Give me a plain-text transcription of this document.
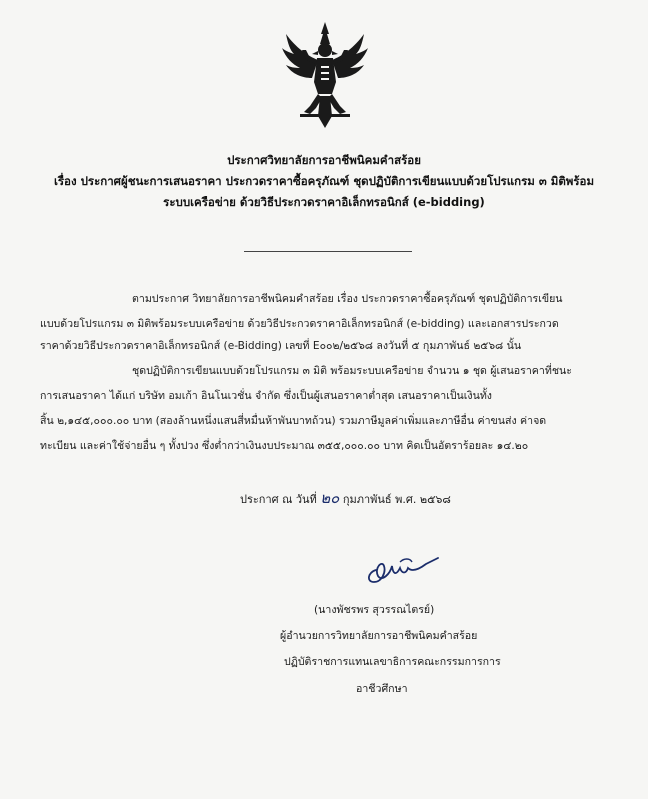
ประกาศวิทยาลัยการอาชีพนิคมคำสร้อย
เรื่อง ประกาศผู้ชนะการเสนอราคา ประกวดราคาซื้อครุภัณฑ์ ชุดปฏิบัติการเขียนแบบด้วยโปรแกรม ๓ มิติพร้อม
ระบบเครือข่าย ด้วยวิธีประกวดราคาอิเล็กทรอนิกส์ (e-bidding)
ตามประกาศ วิทยาลัยการอาชีพนิคมคำสร้อย เรื่อง ประกวดราคาซื้อครุภัณฑ์ ชุดปฏิบัติการเขียน
แบบด้วยโปรแกรม ๓ มิติพร้อมระบบเครือข่าย ด้วยวิธีประกวดราคาอิเล็กทรอนิกส์ (e-bidding) และเอกสารประกวด
ราคาด้วยวิธีประกวดราคาอิเล็กทรอนิกส์ (e-Bidding) เลขที่ E๐๐๒/๒๕๖๘ ลงวันที่ ๕ กุมภาพันธ์ ๒๕๖๘ นั้น
ชุดปฏิบัติการเขียนแบบด้วยโปรแกรม ๓ มิติ พร้อมระบบเครือข่าย จำนวน ๑ ชุด ผู้เสนอราคาที่ชนะ
การเสนอราคา ได้แก่ บริษัท อมเก้า อินโนเวชั่น จำกัด ซึ่งเป็นผู้เสนอราคาต่ำสุด เสนอราคาเป็นเงินทั้ง
สิ้น ๒,๑๔๕,๐๐๐.๐๐ บาท (สองล้านหนึ่งแสนสี่หมื่นห้าพันบาทถ้วน) รวมภาษีมูลค่าเพิ่มและภาษีอื่น ค่าขนส่ง ค่าจด
ทะเบียน และค่าใช้จ่ายอื่น ๆ ทั้งปวง ซึ่งต่ำกว่าเงินงบประมาณ ๓๕๕,๐๐๐.๐๐ บาท คิดเป็นอัตราร้อยละ ๑๔.๒๐
ประกาศ ณ วันที่ ๒๐ กุมภาพันธ์ พ.ศ. ๒๕๖๘
(นางพัชรพร สุวรรณไตรย์)
ผู้อำนวยการวิทยาลัยการอาชีพนิคมคำสร้อย
ปฏิบัติราชการแทนเลขาธิการคณะกรรมการการ
อาชีวศึกษา
